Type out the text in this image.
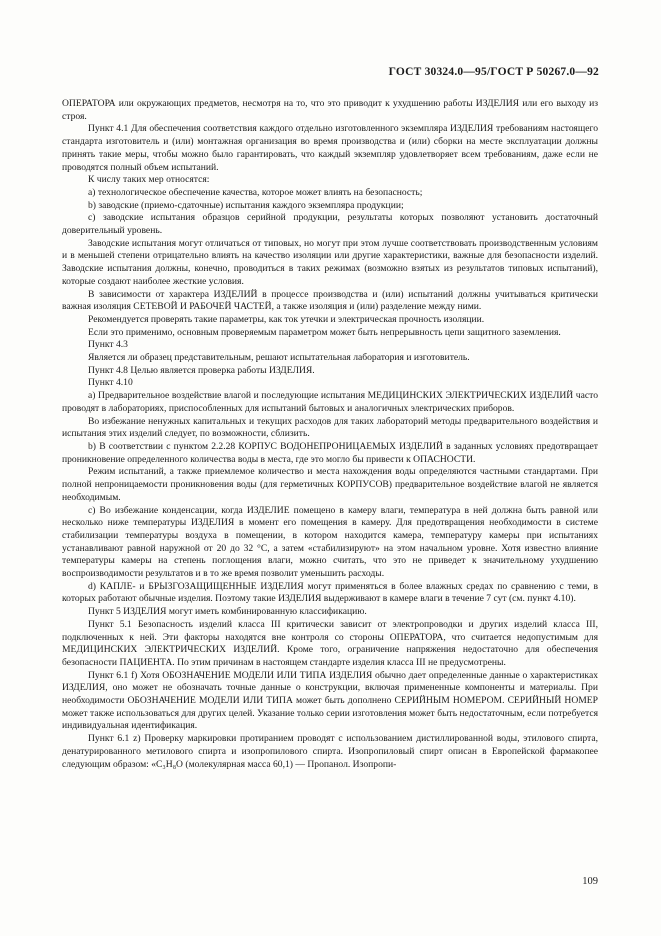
ГОСТ 30324.0—95/ГОСТ Р 50267.0—92

ОПЕРАТОРА или окружающих предметов, несмотря на то, что это приводит к ухудшению работы ИЗДЕЛИЯ или его выходу из строя.

Пункт 4.1 Для обеспечения соответствия каждого отдельно изготовленного экземпляра ИЗДЕЛИЯ требованиям настоящего стандарта изготовитель и (или) монтажная организация во время производства и (или) сборки на месте эксплуатации должны принять такие меры, чтобы можно было гарантировать, что каждый экземпляр удовлетворяет всем требованиям, даже если не проводятся полный объем испытаний.

К числу таких мер относятся:

а) технологическое обеспечение качества, которое может влиять на безопасность;

b) заводские (приемо-сдаточные) испытания каждого экземпляра продукции;

с) заводские испытания образцов серийной продукции, результаты которых позволяют установить достаточный доверительный уровень.

Заводские испытания могут отличаться от типовых, но могут при этом лучше соответствовать производственным условиям и в меньшей степени отрицательно влиять на качество изоляции или другие характеристики, важные для безопасности изделий. Заводские испытания должны, конечно, проводиться в таких режимах (возможно взятых из результатов типовых испытаний), которые создают наиболее жесткие условия.

В зависимости от характера ИЗДЕЛИЙ в процессе производства и (или) испытаний должны учитываться критически важная изоляция СЕТЕВОЙ И РАБОЧЕЙ ЧАСТЕЙ, а также изоляция и (или) разделение между ними.

Рекомендуется проверять такие параметры, как ток утечки и электрическая прочность изоляции.

Если это применимо, основным проверяемым параметром может быть непрерывность цепи защитного заземления.

Пункт 4.3

Является ли образец представительным, решают испытательная лаборатория и изготовитель.

Пункт 4.8 Целью является проверка работы ИЗДЕЛИЯ.

Пункт 4.10

а) Предварительное воздействие влагой и последующие испытания МЕДИЦИНСКИХ ЭЛЕКТРИЧЕСКИХ ИЗДЕЛИЙ часто проводят в лабораториях, приспособленных для испытаний бытовых и аналогичных электрических приборов.

Во избежание ненужных капитальных и текущих расходов для таких лабораторий методы предварительного воздействия и испытания этих изделий следует, по возможности, сблизить.

b) В соответствии с пунктом 2.2.28 КОРПУС ВОДОНЕПРОНИЦАЕМЫХ ИЗДЕЛИЙ в заданных условиях предотвращает проникновение определенного количества воды в места, где это могло бы привести к ОПАСНОСТИ.

Режим испытаний, а также приемлемое количество и места нахождения воды определяются частными стандартами. При полной непроницаемости проникновения воды (для герметичных КОРПУСОВ) предварительное воздействие влагой не является необходимым.

с) Во избежание конденсации, когда ИЗДЕЛИЕ помещено в камеру влаги, температура в ней должна быть равной или несколько ниже температуры ИЗДЕЛИЯ в момент его помещения в камеру. Для предотвращения необходимости в системе стабилизации температуры воздуха в помещении, в котором находится камера, температуру камеры при испытаниях устанавливают равной наружной от 20 до 32 °С, а затем «стабилизируют» на этом начальном уровне. Хотя известно влияние температуры камеры на степень поглощения влаги, можно считать, что это не приведет к значительному ухудшению воспроизводимости результатов и в то же время позволит уменьшить расходы.

d) КАПЛЕ- и БРЫЗГОЗАЩИЩЕННЫЕ ИЗДЕЛИЯ могут применяться в более влажных средах по сравнению с теми, в которых работают обычные изделия. Поэтому такие ИЗДЕЛИЯ выдерживают в камере влаги в течение 7 сут (см. пункт 4.10).

Пункт 5 ИЗДЕЛИЯ могут иметь комбинированную классификацию.

Пункт 5.1 Безопасность изделий класса III критически зависит от электропроводки и других изделий класса III, подключенных к ней. Эти факторы находятся вне контроля со стороны ОПЕРАТОРА, что считается недопустимым для МЕДИЦИНСКИХ ЭЛЕКТРИЧЕСКИХ ИЗДЕЛИЙ. Кроме того, ограничение напряжения недостаточно для обеспечения безопасности ПАЦИЕНТА. По этим причинам в настоящем стандарте изделия класса III не предусмотрены.

Пункт 6.1 f) Хотя ОБОЗНАЧЕНИЕ МОДЕЛИ ИЛИ ТИПА ИЗДЕЛИЯ обычно дает определенные данные о характеристиках ИЗДЕЛИЯ, оно может не обозначать точные данные о конструкции, включая примененные компоненты и материалы. При необходимости ОБОЗНАЧЕНИЕ МОДЕЛИ ИЛИ ТИПА может быть дополнено СЕРИЙНЫМ НОМЕРОМ. СЕРИЙНЫЙ НОМЕР может также использоваться для других целей. Указание только серии изготовления может быть недостаточным, если потребуется индивидуальная идентификация.

Пункт 6.1 z) Проверку маркировки протиранием проводят с использованием дистиллированной воды, этилового спирта, денатурированного метилового спирта и изопропилового спирта. Изопропиловый спирт описан в Европейской фармакопее следующим образом: «C₃H₈O (молекулярная масса 60,1) — Пропанол. Изопропи-

109
